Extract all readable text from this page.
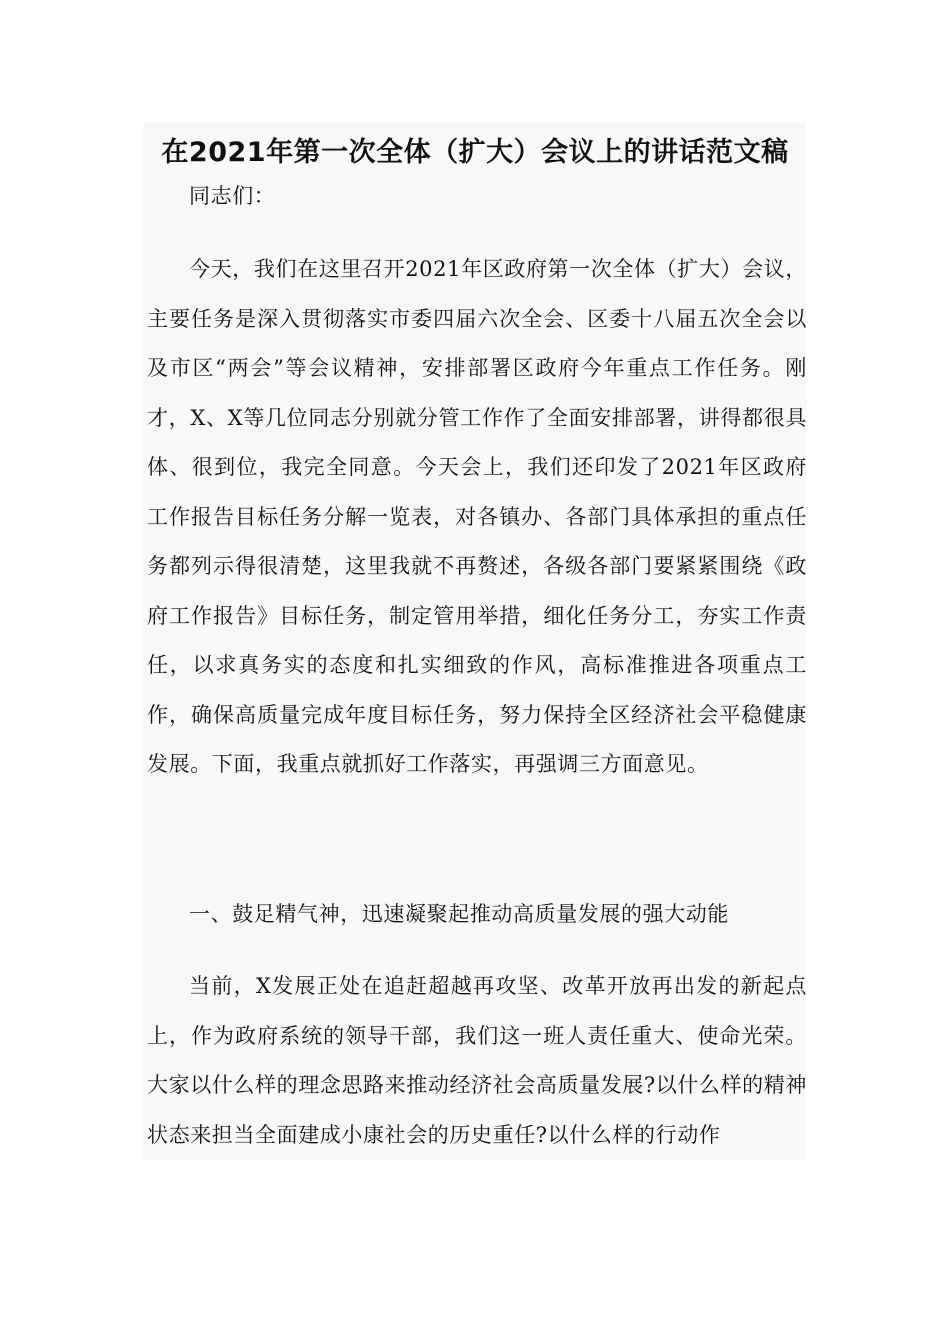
在2021年第一次全体（扩大）会议上的讲话范文稿

同志们：

今天，我们在这里召开2021年区政府第一次全体（扩大）会议，主要任务是深入贯彻落实市委四届六次全会、区委十八届五次全会以及市区“两会”等会议精神，安排部署区政府今年重点工作任务。刚才，X、X等几位同志分别就分管工作作了全面安排部署，讲得都很具体、很到位，我完全同意。今天会上，我们还印发了2021年区政府工作报告目标任务分解一览表，对各镇办、各部门具体承担的重点任务都列示得很清楚，这里我就不再赘述，各级各部门要紧紧围绕《政府工作报告》目标任务，制定管用举措，细化任务分工，夯实工作责任，以求真务实的态度和扎实细致的作风，高标准推进各项重点工作，确保高质量完成年度目标任务，努力保持全区经济社会平稳健康发展。下面，我重点就抓好工作落实，再强调三方面意见。

一、鼓足精气神，迅速凝聚起推动高质量发展的强大动能

当前，X发展正处在追赶超越再攻坚、改革开放再出发的新起点上，作为政府系统的领导干部，我们这一班人责任重大、使命光荣。大家以什么样的理念思路来推动经济社会高质量发展?以什么样的精神状态来担当全面建成小康社会的历史重任?以什么样的行动作
